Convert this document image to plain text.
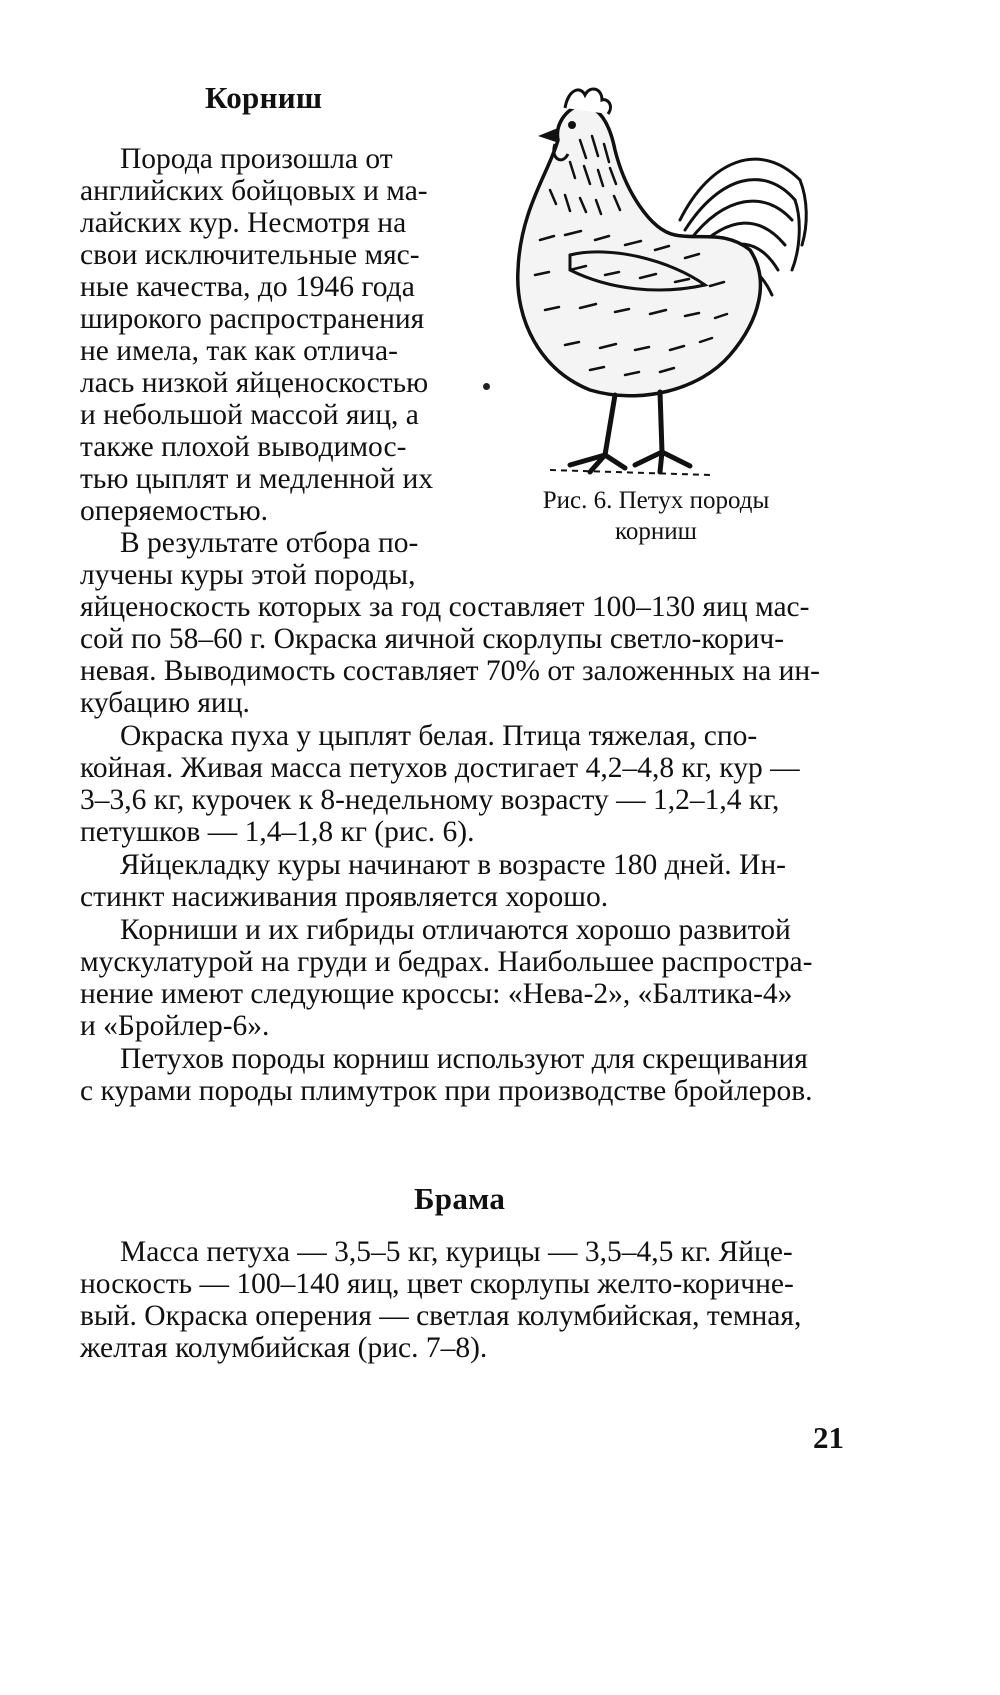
Корниш
Порода произошла от
английских бойцовых и ма-
лайских кур. Несмотря на
свои исключительные мяс-
ные качества, до 1946 года
широкого распространения
не имела, так как отлича-
лась низкой яйценоскостью
и небольшой массой яиц, а
также плохой выводимос-
тью цыплят и медленной их
оперяемостью.
В результате отбора по-
лучены куры этой породы,
Рис. 6. Петух породы
корниш
яйценоскость которых за год составляет 100–130 яиц мас-
сой по 58–60 г. Окраска яичной скорлупы светло-корич-
невая. Выводимость составляет 70% от заложенных на ин-
кубацию яиц.
Окраска пуха у цыплят белая. Птица тяжелая, спо-
койная. Живая масса петухов достигает 4,2–4,8 кг, кур —
3–3,6 кг, курочек к 8-недельному возрасту — 1,2–1,4 кг,
петушков — 1,4–1,8 кг (рис. 6).
Яйцекладку куры начинают в возрасте 180 дней. Ин-
стинкт насиживания проявляется хорошо.
Корниши и их гибриды отличаются хорошо развитой
мускулатурой на груди и бедрах. Наибольшее распростра-
нение имеют следующие кроссы: «Нева-2», «Балтика-4»
и «Бройлер-6».
Петухов породы корниш используют для скрещивания
с курами породы плимутрок при производстве бройлеров.
Брама
Масса петуха — 3,5–5 кг, курицы — 3,5–4,5 кг. Яйце-
носкость — 100–140 яиц, цвет скорлупы желто-коричне-
вый. Окраска оперения — светлая колумбийская, темная,
желтая колумбийская (рис. 7–8).
21
